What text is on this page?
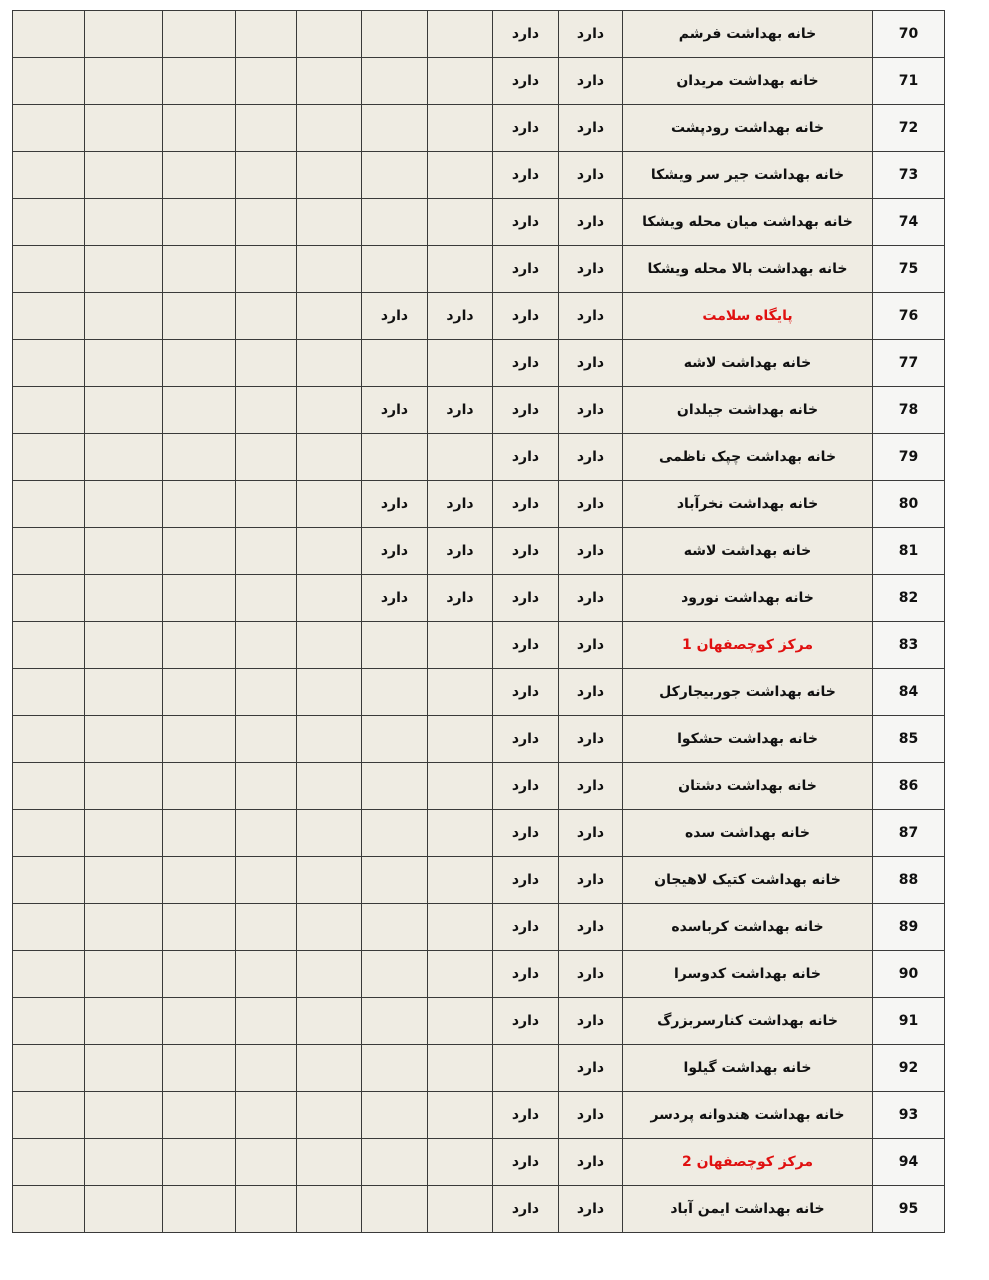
							دارد	دارد	خانه بهداشت فرشم	70
							دارد	دارد	خانه بهداشت مریدان	71
							دارد	دارد	خانه بهداشت رودپشت	72
							دارد	دارد	خانه بهداشت جیر سر ویشکا	73
							دارد	دارد	خانه بهداشت میان محله ویشکا	74
							دارد	دارد	خانه بهداشت بالا محله ویشکا	75
					دارد	دارد	دارد	دارد	پایگاه سلامت	76
							دارد	دارد	خانه بهداشت لاشه	77
					دارد	دارد	دارد	دارد	خانه بهداشت جیلدان	78
							دارد	دارد	خانه بهداشت چپک ناظمی	79
					دارد	دارد	دارد	دارد	خانه بهداشت نخرآباد	80
					دارد	دارد	دارد	دارد	خانه بهداشت لاشه	81
					دارد	دارد	دارد	دارد	خانه بهداشت نورود	82
							دارد	دارد	مرکز کوچصفهان 1	83
							دارد	دارد	خانه بهداشت جوربیجارکل	84
							دارد	دارد	خانه بهداشت حشکوا	85
							دارد	دارد	خانه بهداشت دشتان	86
							دارد	دارد	خانه بهداشت سده	87
							دارد	دارد	خانه بهداشت کتیک لاهیجان	88
							دارد	دارد	خانه بهداشت کرباسده	89
							دارد	دارد	خانه بهداشت کدوسرا	90
							دارد	دارد	خانه بهداشت کنارسربزرگ	91
								دارد	خانه بهداشت گیلوا	92
							دارد	دارد	خانه بهداشت هندوانه پردسر	93
							دارد	دارد	مرکز کوچصفهان 2	94
							دارد	دارد	خانه بهداشت ایمن آباد	95
